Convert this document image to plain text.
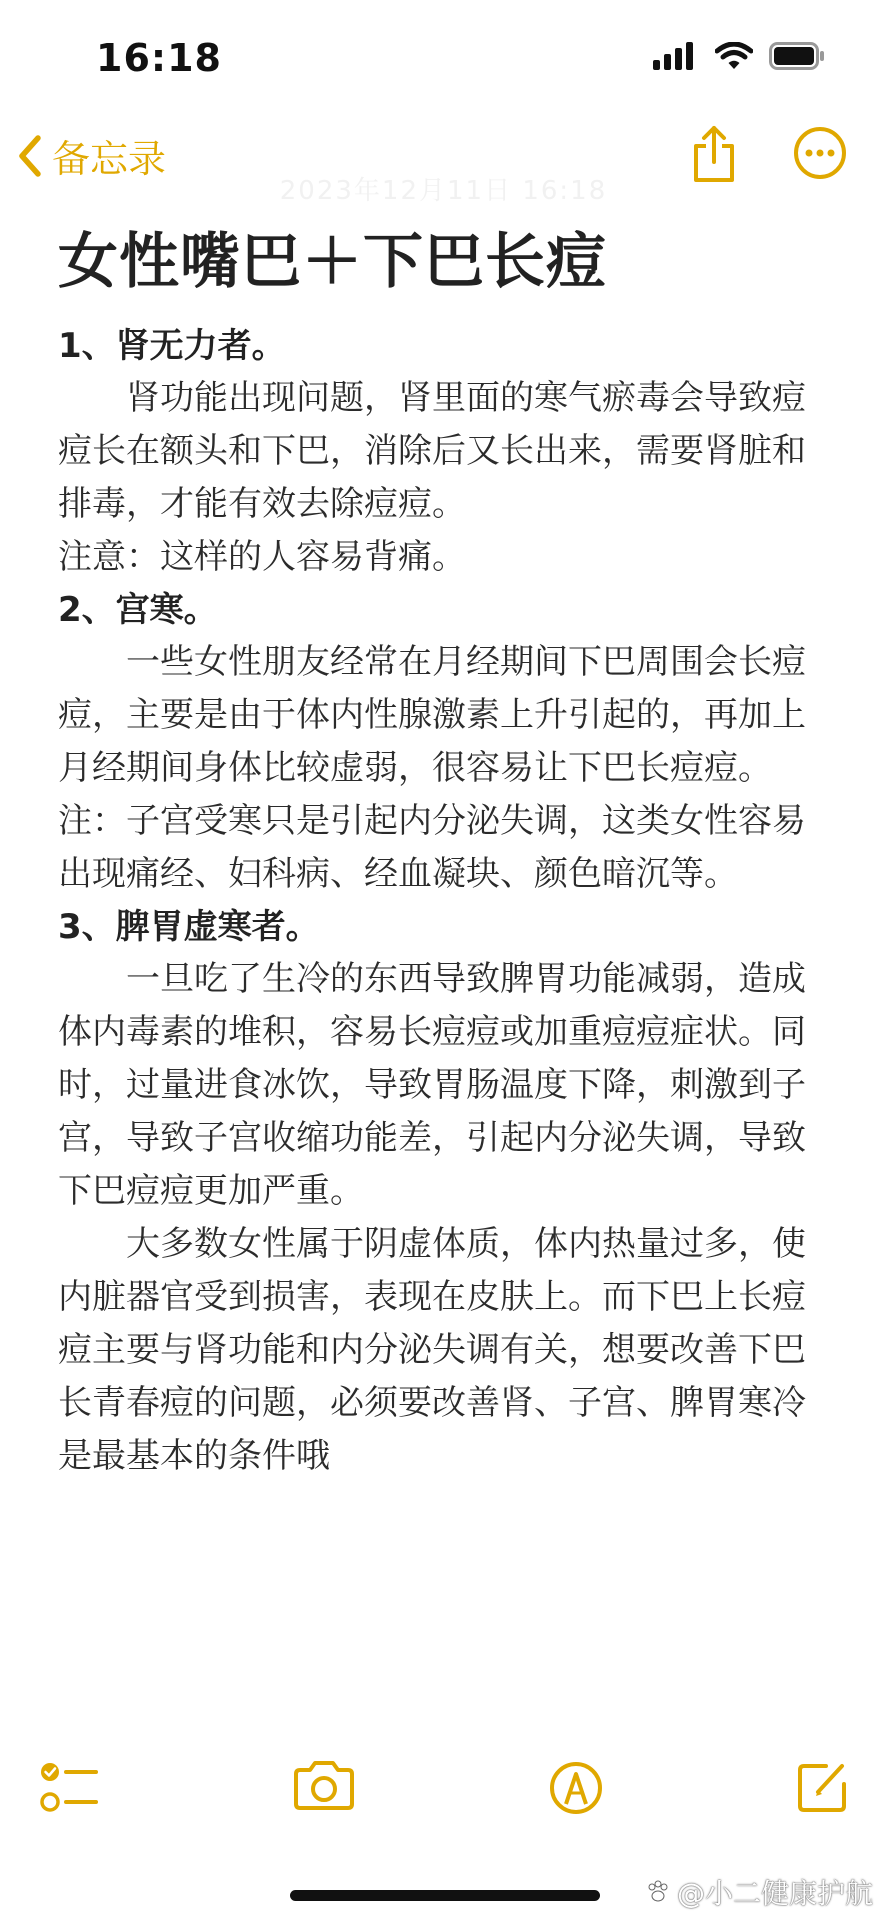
16:18
备忘录
2023年12月11日 16:18
女性嘴巴＋下巴长痘

1、肾无力者。

肾功能出现问题，肾里面的寒气瘀毒会导致痘痘长在额头和下巴，消除后又长出来，需要肾脏和排毒，才能有效去除痘痘。

注意：这样的人容易背痛。

2、宫寒。

一些女性朋友经常在月经期间下巴周围会长痘痘，主要是由于体内性腺激素上升引起的，再加上月经期间身体比较虚弱，很容易让下巴长痘痘。注：子宫受寒只是引起内分泌失调，这类女性容易出现痛经、妇科病、经血凝块、颜色暗沉等。

3、脾胃虚寒者。

一旦吃了生冷的东西导致脾胃功能减弱，造成体内毒素的堆积，容易长痘痘或加重痘痘症状。同时，过量进食冰饮，导致胃肠温度下降，刺激到子宫，导致子宫收缩功能差，引起内分泌失调，导致下巴痘痘更加严重。

大多数女性属于阴虚体质，体内热量过多，使内脏器官受到损害，表现在皮肤上。而下巴上长痘痘主要与肾功能和内分泌失调有关，想要改善下巴长青春痘的问题，必须要改善肾、子宫、脾胃寒冷是最基本的条件哦

@小二健康护航
